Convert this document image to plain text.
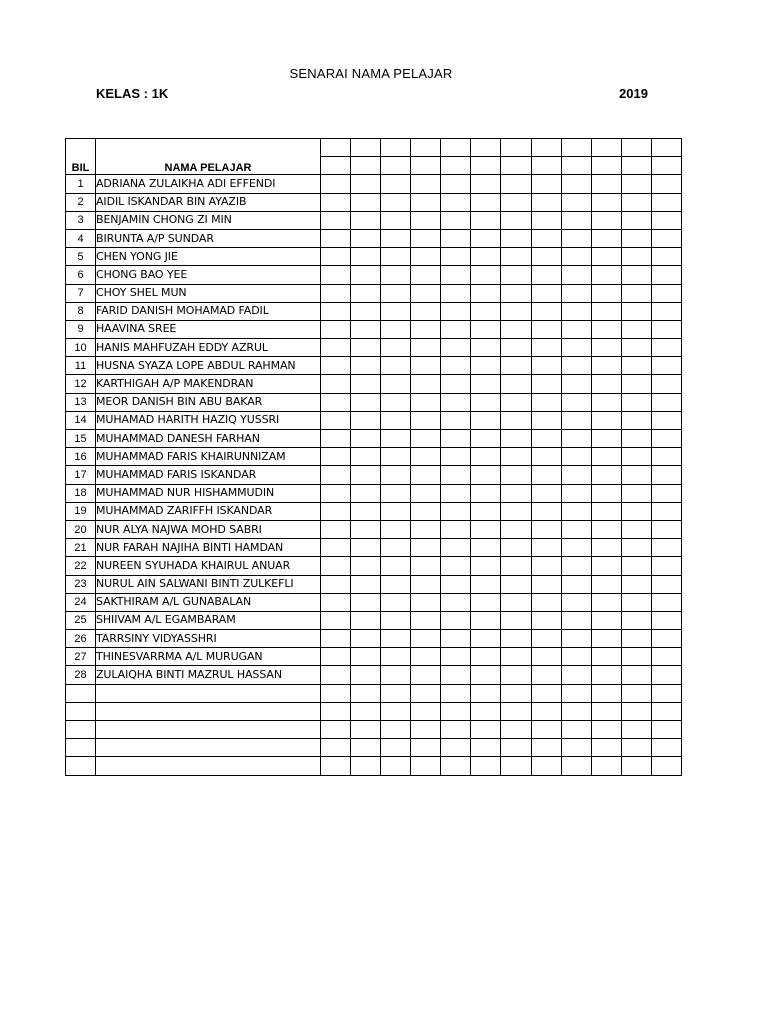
SENARAI NAMA PELAJAR
KELAS : 1K	2019
BIL	NAMA PELAJAR												

1	ADRIANA ZULAIKHA ADI EFFENDI												
2	AIDIL ISKANDAR BIN AYAZIB												
3	BENJAMIN CHONG ZI MIN												
4	BIRUNTA A/P SUNDAR												
5	CHEN YONG JIE												
6	CHONG BAO YEE												
7	CHOY SHEL MUN												
8	FARID DANISH MOHAMAD FADIL												
9	HAAVINA SREE												
10	HANIS MAHFUZAH EDDY AZRUL												
11	HUSNA SYAZA LOPE ABDUL RAHMAN												
12	KARTHIGAH A/P MAKENDRAN												
13	MEOR DANISH BIN ABU BAKAR												
14	MUHAMAD HARITH HAZIQ YUSSRI												
15	MUHAMMAD DANESH FARHAN												
16	MUHAMMAD FARIS KHAIRUNNIZAM												
17	MUHAMMAD FARIS ISKANDAR												
18	MUHAMMAD NUR HISHAMMUDIN												
19	MUHAMMAD ZARIFFH ISKANDAR												
20	NUR ALYA NAJWA MOHD SABRI												
21	NUR FARAH NAJIHA BINTI HAMDAN												
22	NUREEN SYUHADA KHAIRUL ANUAR												
23	NURUL AIN SALWANI BINTI ZULKEFLI												
24	SAKTHIRAM A/L GUNABALAN												
25	SHIIVAM A/L EGAMBARAM												
26	TARRSINY VIDYASSHRI												
27	THINESVARRMA A/L MURUGAN												
28	ZULAIQHA BINTI MAZRUL HASSAN												
